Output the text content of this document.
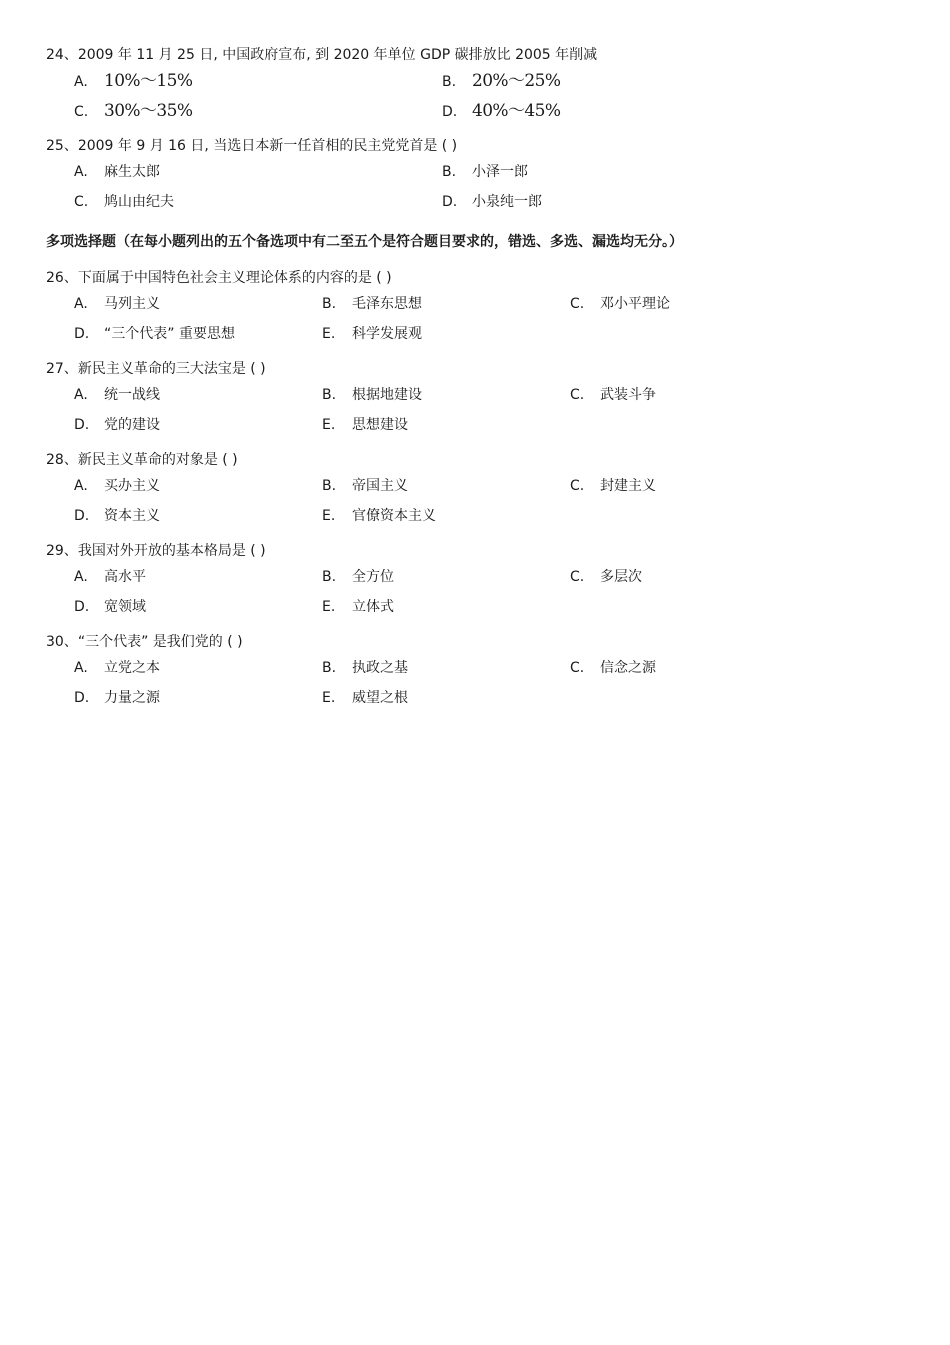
24、2009 年 11 月 25 日, 中国政府宣布, 到 2020 年单位 GDP 碳排放比 2005 年削减
A. 10%～15%	B. 20%～25%
C. 30%～35%	D. 40%～45%
25、2009 年 9 月 16 日, 当选日本新一任首相的民主党党首是 ( )
A. 麻生太郎	B. 小泽一郎
C. 鸠山由纪夫	D. 小泉纯一郎
多项选择题（在每小题列出的五个备选项中有二至五个是符合题目要求的，错选、多选、漏选均无分。）
26、下面属于中国特色社会主义理论体系的内容的是 ( )
A. 马列主义	B. 毛泽东思想	C. 邓小平理论
D. “三个代表” 重要思想	E. 科学发展观
27、新民主义革命的三大法宝是 ( )
A. 统一战线	B. 根据地建设	C. 武装斗争
D. 党的建设	E. 思想建设
28、新民主义革命的对象是 ( )
A. 买办主义	B. 帝国主义	C. 封建主义
D. 资本主义	E. 官僚资本主义
29、我国对外开放的基本格局是 ( )
A. 高水平	B. 全方位	C. 多层次
D. 宽领域	E. 立体式
30、“三个代表” 是我们党的 ( )
A. 立党之本	B. 执政之基	C. 信念之源
D. 力量之源	E. 威望之根
